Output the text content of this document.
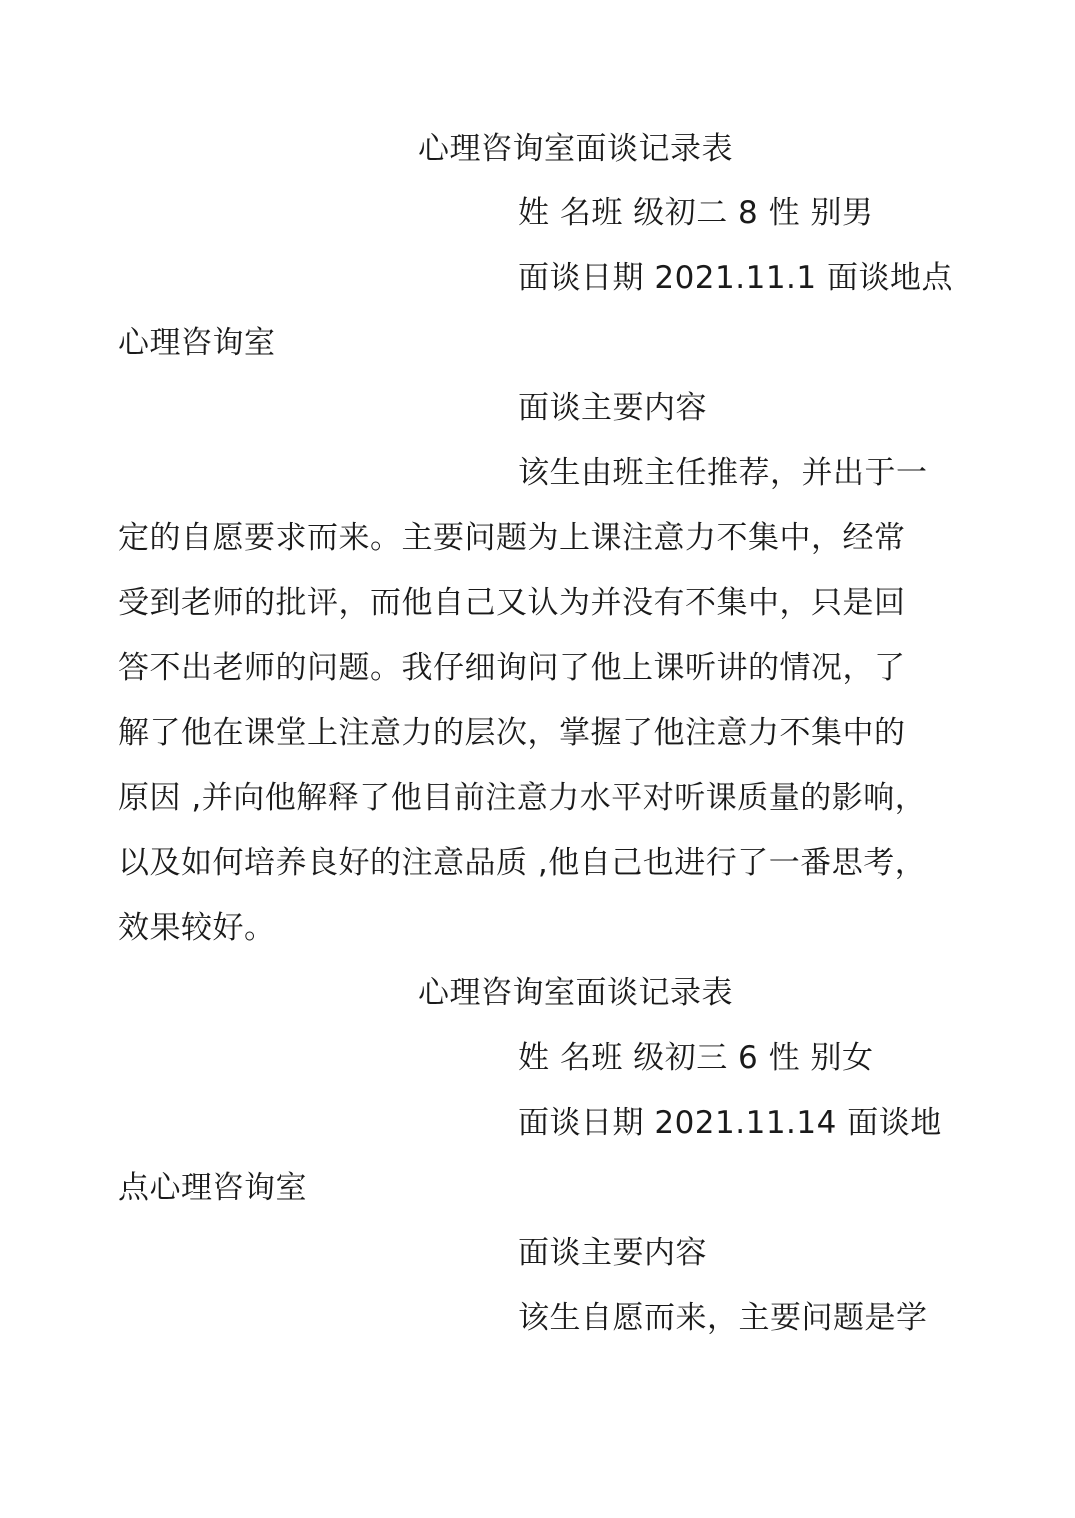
心理咨询室面谈记录表
姓 名班 级初二 8 性 别男
面谈日期 2021.11.1 面谈地点
心理咨询室
面谈主要内容
该生由班主任推荐，并出于一
定的自愿要求而来。主要问题为上课注意力不集中，经常
受到老师的批评，而他自己又认为并没有不集中，只是回
答不出老师的问题。我仔细询问了他上课听讲的情况，了
解了他在课堂上注意力的层次，掌握了他注意力不集中的
原因 ,并向他解释了他目前注意力水平对听课质量的影响，
以及如何培养良好的注意品质 ,他自己也进行了一番思考，
效果较好。
心理咨询室面谈记录表
姓 名班 级初三 6 性 别女
面谈日期 2021.11.14 面谈地
点心理咨询室
面谈主要内容
该生自愿而来，主要问题是学
